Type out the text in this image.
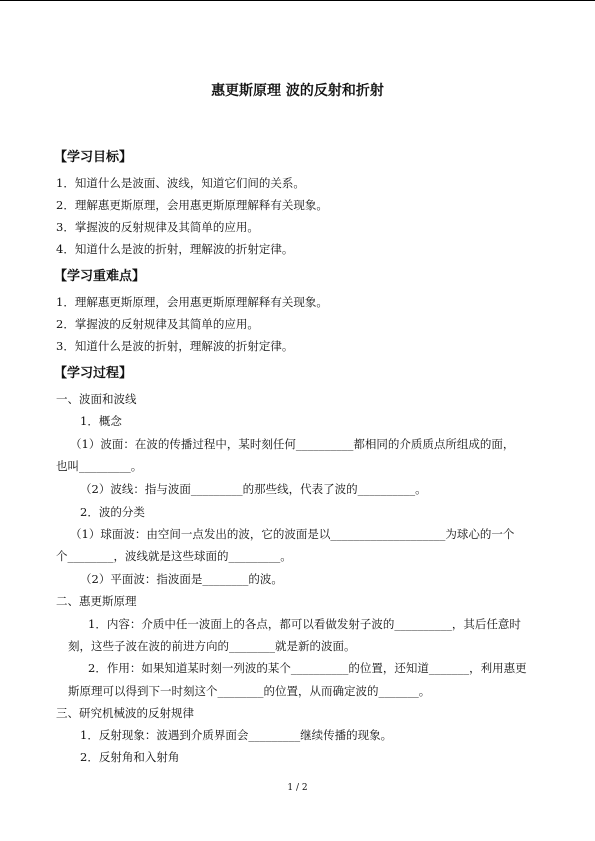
惠更斯原理 波的反射和折射
【学习目标】
1．知道什么是波面、波线，知道它们间的关系。
2．理解惠更斯原理，会用惠更斯原理解释有关现象。
3．掌握波的反射规律及其简单的应用。
4．知道什么是波的折射，理解波的折射定律。
【学习重难点】
1．理解惠更斯原理，会用惠更斯原理解释有关现象。
2．掌握波的反射规律及其简单的应用。
3．知道什么是波的折射，理解波的折射定律。
【学习过程】
一、波面和波线
1．概念
（1）波面：在波的传播过程中，某时刻任何__________都相同的介质质点所组成的面，
也叫_________。
（2）波线：指与波面_________的那些线，代表了波的__________。
2．波的分类
（1）球面波：由空间一点发出的波，它的波面是以____________________为球心的一个
个________，波线就是这些球面的_________。
（2）平面波：指波面是________的波。
二、惠更斯原理
1．内容：介质中任一波面上的各点，都可以看做发射子波的__________，其后任意时
刻，这些子波在波的前进方向的________就是新的波面。
2．作用：如果知道某时刻一列波的某个__________的位置，还知道_______，利用惠更
斯原理可以得到下一时刻这个________的位置，从而确定波的_______。
三、研究机械波的反射规律
1．反射现象：波遇到介质界面会_________继续传播的现象。
2．反射角和入射角
1 / 2
